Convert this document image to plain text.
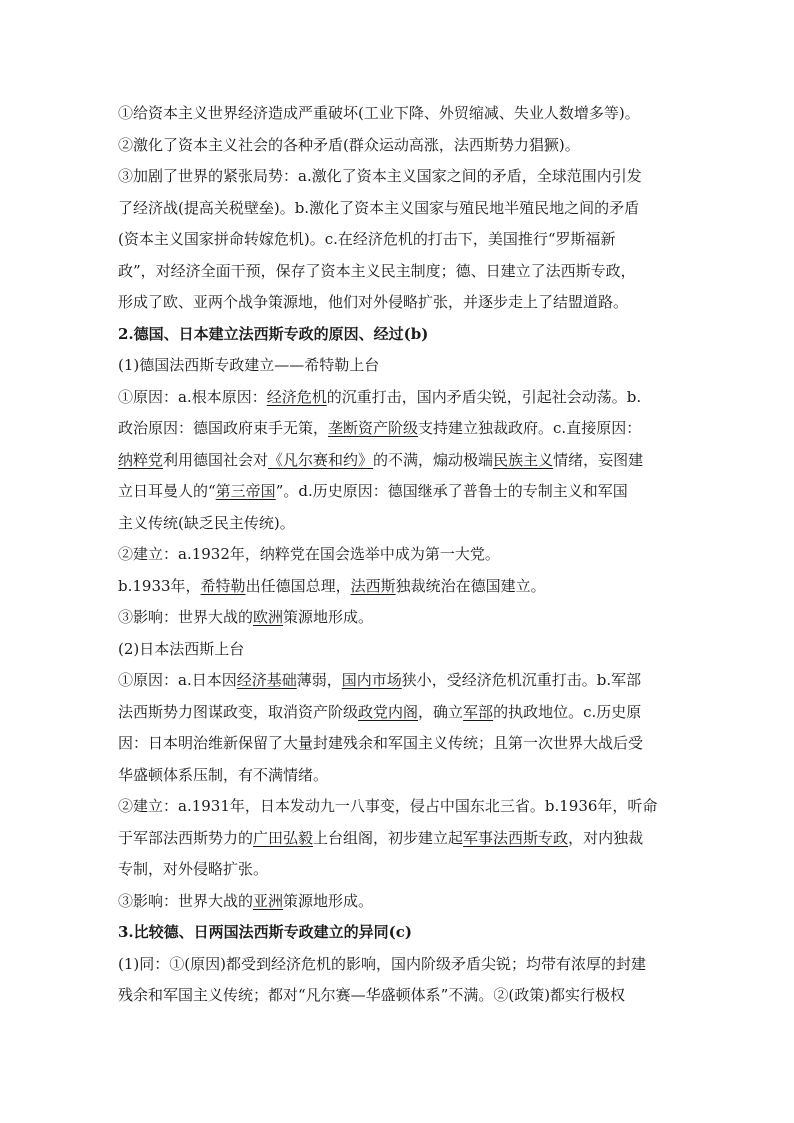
①给资本主义世界经济造成严重破坏(工业下降、外贸缩减、失业人数增多等)。
②激化了资本主义社会的各种矛盾(群众运动高涨，法西斯势力猖獗)。
③加剧了世界的紧张局势：a.激化了资本主义国家之间的矛盾，全球范围内引发
了经济战(提高关税壁垒)。b.激化了资本主义国家与殖民地半殖民地之间的矛盾
(资本主义国家拼命转嫁危机)。c.在经济危机的打击下，美国推行“罗斯福新
政”，对经济全面干预，保存了资本主义民主制度；德、日建立了法西斯专政，
形成了欧、亚两个战争策源地，他们对外侵略扩张，并逐步走上了结盟道路。
2.德国、日本建立法西斯专政的原因、经过(b)
(1)德国法西斯专政建立——希特勒上台
①原因：a.根本原因：经济危机的沉重打击，国内矛盾尖锐，引起社会动荡。b.
政治原因：德国政府束手无策，垄断资产阶级支持建立独裁政府。c.直接原因：
纳粹党利用德国社会对《凡尔赛和约》的不满，煽动极端民族主义情绪，妄图建
立日耳曼人的“第三帝国”。d.历史原因：德国继承了普鲁士的专制主义和军国
主义传统(缺乏民主传统)。
②建立：a.1932年，纳粹党在国会选举中成为第一大党。
b.1933年，希特勒出任德国总理，法西斯独裁统治在德国建立。
③影响：世界大战的欧洲策源地形成。
(2)日本法西斯上台
①原因：a.日本因经济基础薄弱，国内市场狭小，受经济危机沉重打击。b.军部
法西斯势力图谋政变，取消资产阶级政党内阁，确立军部的执政地位。c.历史原
因：日本明治维新保留了大量封建残余和军国主义传统；且第一次世界大战后受
华盛顿体系压制，有不满情绪。
②建立：a.1931年，日本发动九一八事变，侵占中国东北三省。b.1936年，听命
于军部法西斯势力的广田弘毅上台组阁，初步建立起军事法西斯专政，对内独裁
专制，对外侵略扩张。
③影响：世界大战的亚洲策源地形成。
3.比较德、日两国法西斯专政建立的异同(c)
(1)同：①(原因)都受到经济危机的影响，国内阶级矛盾尖锐；均带有浓厚的封建
残余和军国主义传统；都对“凡尔赛—华盛顿体系”不满。②(政策)都实行极权
